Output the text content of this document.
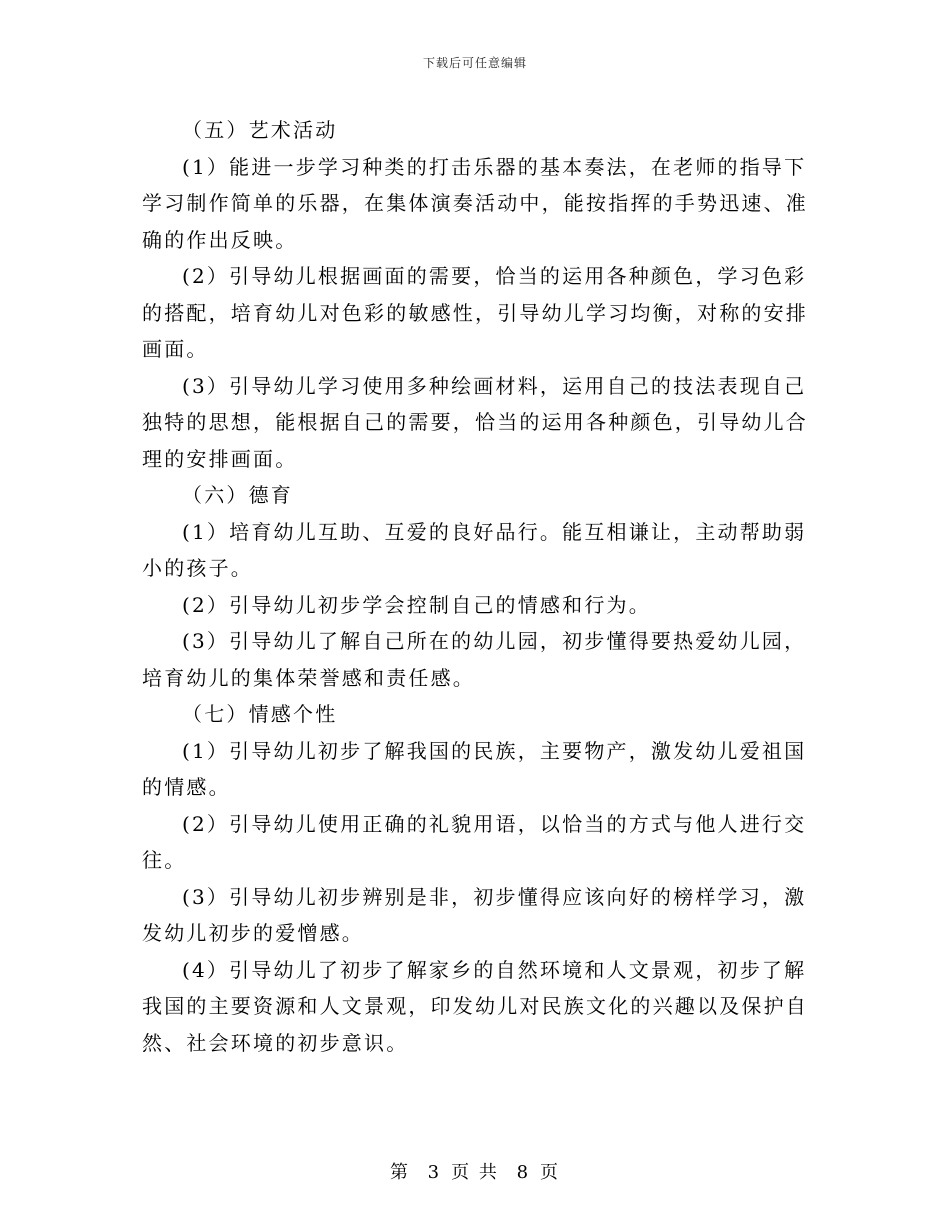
下载后可任意编辑
（五）艺术活动
(1）能进一步学习种类的打击乐器的基本奏法，在老师的指导下
学习制作简单的乐器，在集体演奏活动中，能按指挥的手势迅速、准
确的作出反映。
(2）引导幼儿根据画面的需要，恰当的运用各种颜色，学习色彩
的搭配，培育幼儿对色彩的敏感性，引导幼儿学习均衡，对称的安排
画面。
(3）引导幼儿学习使用多种绘画材料，运用自己的技法表现自己
独特的思想，能根据自己的需要，恰当的运用各种颜色，引导幼儿合
理的安排画面。
（六）德育
(1）培育幼儿互助、互爱的良好品行。能互相谦让，主动帮助弱
小的孩子。
(2）引导幼儿初步学会控制自己的情感和行为。
(3）引导幼儿了解自己所在的幼儿园，初步懂得要热爱幼儿园，
培育幼儿的集体荣誉感和责任感。
（七）情感个性
(1）引导幼儿初步了解我国的民族，主要物产，激发幼儿爱祖国
的情感。
(2）引导幼儿使用正确的礼貌用语，以恰当的方式与他人进行交
往。
(3）引导幼儿初步辨别是非，初步懂得应该向好的榜样学习，激
发幼儿初步的爱憎感。
(4）引导幼儿了初步了解家乡的自然环境和人文景观，初步了解
我国的主要资源和人文景观，印发幼儿对民族文化的兴趣以及保护自
然、社会环境的初步意识。
第 3 页 共 8 页
